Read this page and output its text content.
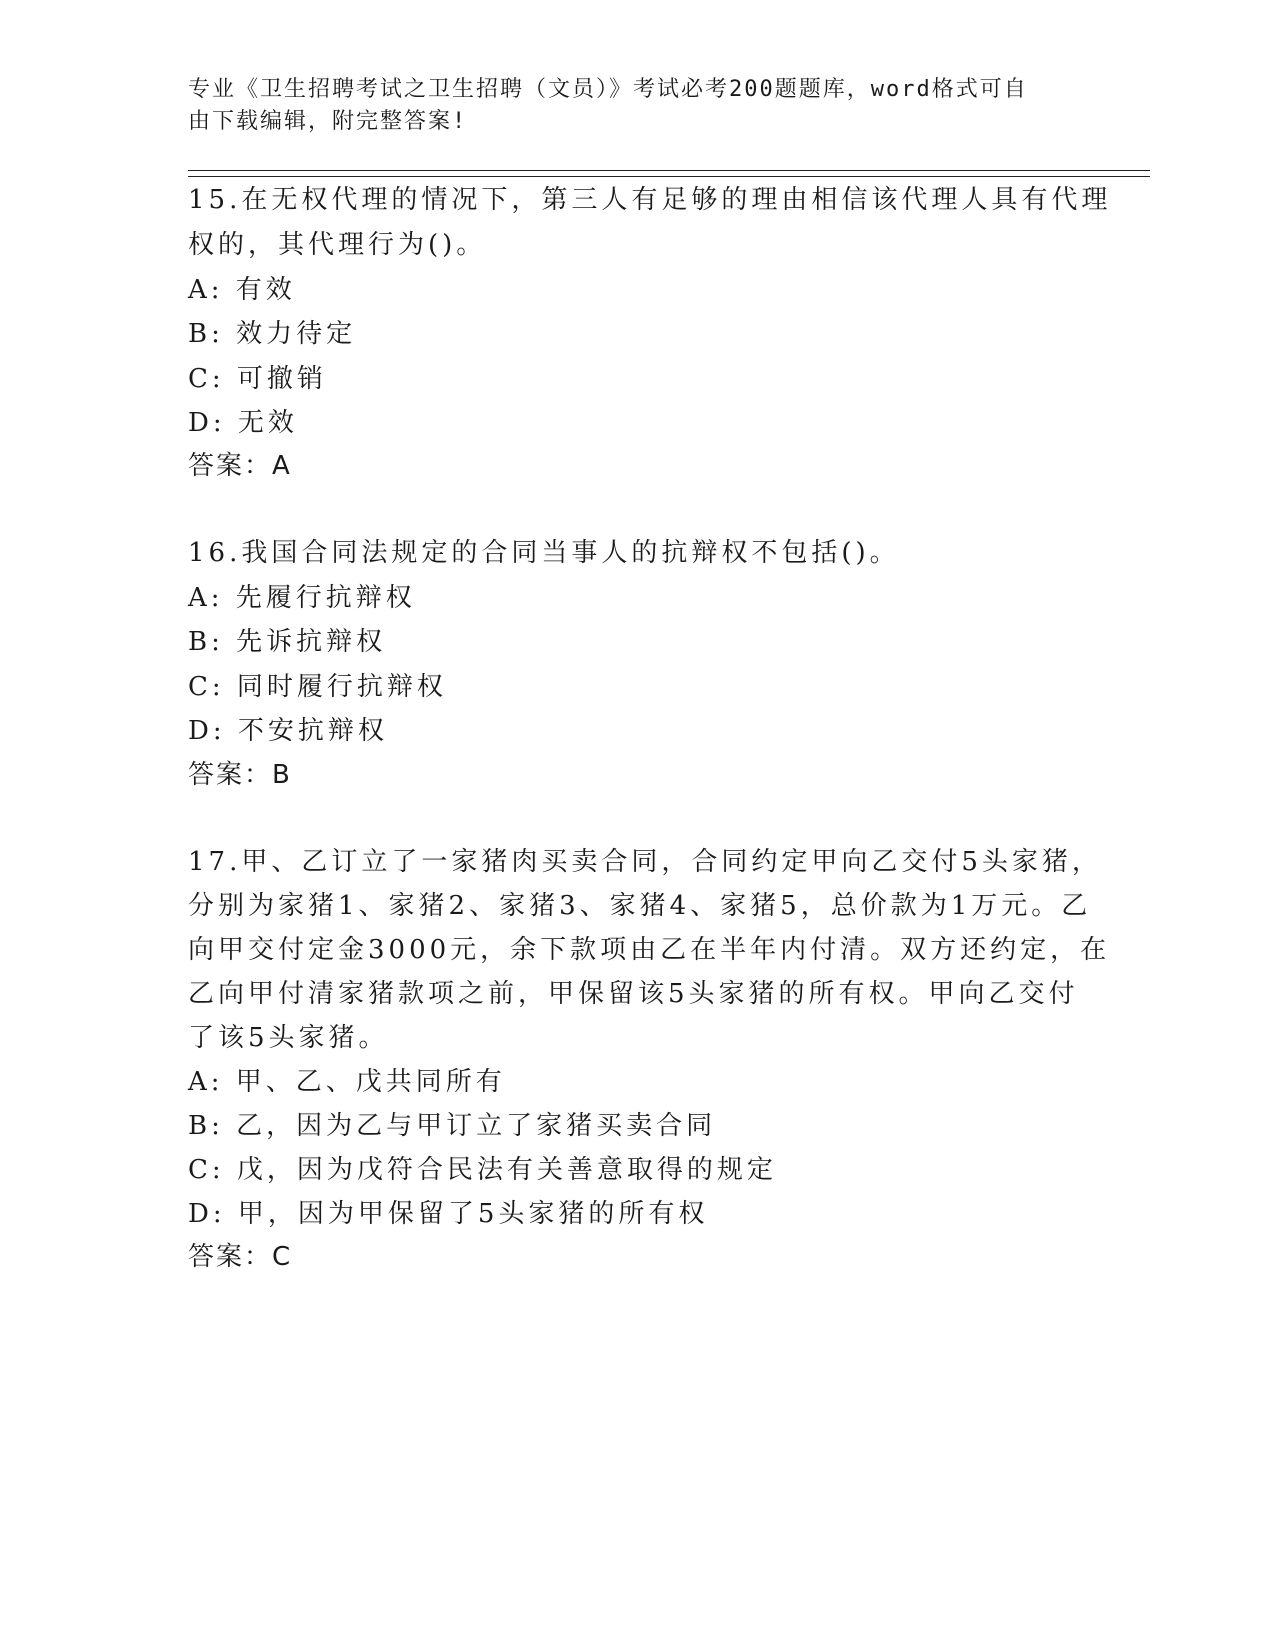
专业《卫生招聘考试之卫生招聘（文员）》考试必考200题题库，word格式可自
由下载编辑，附完整答案!
15.在无权代理的情况下，第三人有足够的理由相信该代理人具有代理
权的，其代理行为()。
A: 有效
B: 效力待定
C: 可撤销
D: 无效
答案：A
16.我国合同法规定的合同当事人的抗辩权不包括()。
A: 先履行抗辩权
B: 先诉抗辩权
C: 同时履行抗辩权
D: 不安抗辩权
答案：B
17.甲、乙订立了一家猪肉买卖合同，合同约定甲向乙交付5头家猪，
分别为家猪1、家猪2、家猪3、家猪4、家猪5，总价款为1万元。乙
向甲交付定金3000元，余下款项由乙在半年内付清。双方还约定，在
乙向甲付清家猪款项之前，甲保留该5头家猪的所有权。甲向乙交付
了该5头家猪。
A: 甲、乙、戊共同所有
B: 乙，因为乙与甲订立了家猪买卖合同
C: 戊，因为戊符合民法有关善意取得的规定
D: 甲，因为甲保留了5头家猪的所有权
答案：C
